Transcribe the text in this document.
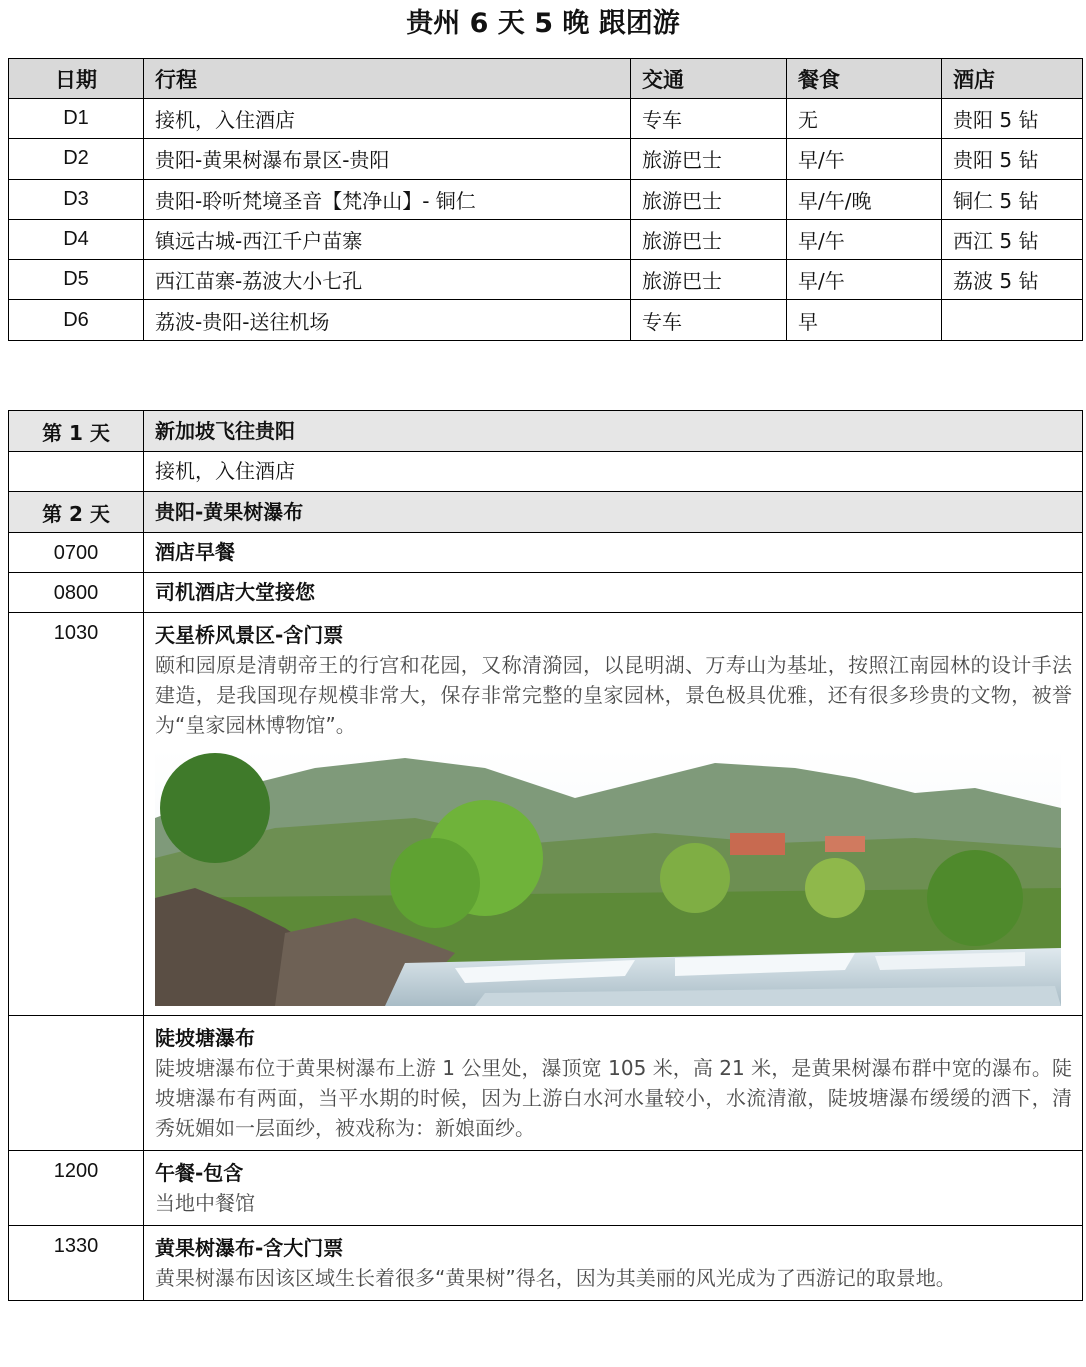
贵州 6 天 5 晚 跟团游
日期	行程	交通	餐食	酒店
D1	接机，入住酒店	专车	无	贵阳 5 钻
D2	贵阳-黄果树瀑布景区-贵阳	旅游巴士	早/午	贵阳 5 钻
D3	贵阳-聆听梵境圣音【梵净山】- 铜仁	旅游巴士	早/午/晚	铜仁 5 钻
D4	镇远古城-西江千户苗寨	旅游巴士	早/午	西江 5 钻
D5	西江苗寨-荔波大小七孔	旅游巴士	早/午	荔波 5 钻
D6	荔波-贵阳-送往机场	专车	早	
第 1 天	新加坡飞往贵阳
	接机，入住酒店
第 2 天	贵阳-黄果树瀑布
0700	酒店早餐
0800	司机酒店大堂接您
1030	天星桥风景区-含门票
颐和园原是清朝帝王的行宫和花园，又称清漪园，以昆明湖、万寿山为基址，按照江南园林的设计手法建造，是我国现存规模非常大，保存非常完整的皇家园林，景色极具优雅，还有很多珍贵的文物，被誉为“皇家园林博物馆”。

	陡坡塘瀑布
陡坡塘瀑布位于黄果树瀑布上游 1 公里处，瀑顶宽 105 米，高 21 米，是黄果树瀑布群中宽的瀑布。陡坡塘瀑布有两面，当平水期的时候，因为上游白水河水量较小，水流清澈，陡坡塘瀑布缓缓的洒下，清秀妩媚如一层面纱，被戏称为：新娘面纱。

1200	午餐-包含
当地中餐馆

1330	黄果树瀑布-含大门票
黄果树瀑布因该区域生长着很多“黄果树”得名，因为其美丽的风光成为了西游记的取景地。
